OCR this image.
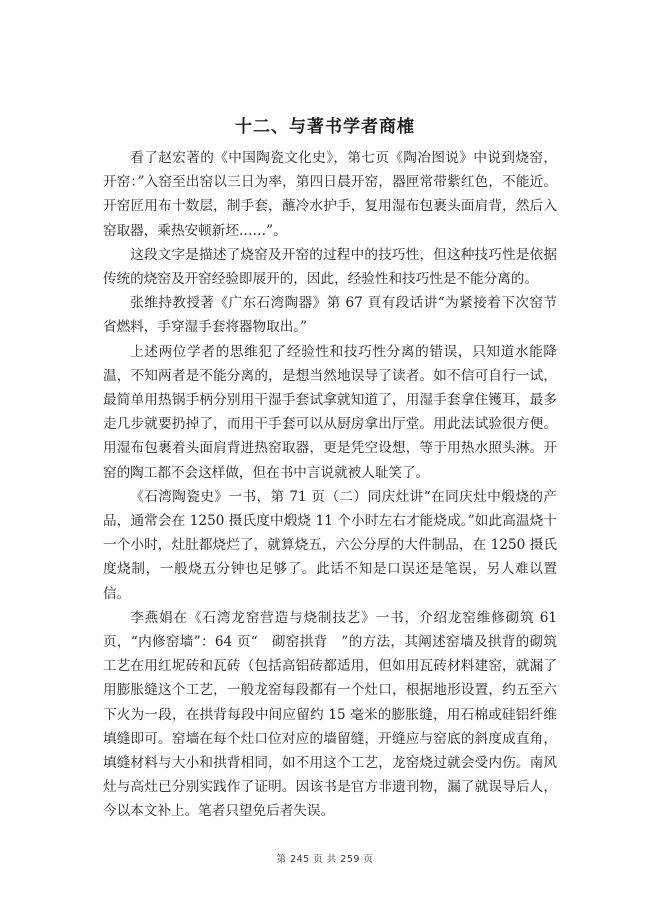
十二、与著书学者商榷

看了赵宏著的《中国陶瓷文化史》，第七页《陶冶图说》中说到烧窑，开窑：”入窑至出窑以三日为率，第四日晨开窑，器匣常带紫红色，不能近。开窑匠用布十数层，制手套，蘸冷水护手，复用湿布包裹头面肩背，然后入窑取器，乘热安顿新坯……”。

这段文字是描述了烧窑及开窑的过程中的技巧性，但这种技巧性是依据传统的烧窑及开窑经验即展开的，因此，经验性和技巧性是不能分离的。

张维持教授著《广东石湾陶器》第 67 頁有段话讲“为紧接着下次窑节省燃料，手穿湿手套将器物取出。”

上述两位学者的思维犯了经验性和技巧性分离的错误，只知道水能降温，不知两者是不能分离的，是想当然地误导了读者。如不信可自行一试，最简单用热锅手柄分别用干湿手套试拿就知道了，用湿手套拿住镬耳，最多走几步就要扔掉了，而用干手套可以从厨房拿出厅堂。用此法试验很方便。用湿布包裹着头面肩背进热窑取器，更是凭空设想，等于用热水照头淋。开窑的陶工都不会这样做，但在书中言说就被人耻笑了。

《石湾陶瓷史》一书，第 71 页（二）同庆灶讲“在同庆灶中煅烧的产品，通常会在 1250 摄氏度中煅烧 11 个小时左右才能烧成。”如此高温烧十一个小时，灶肚都烧烂了，就算烧五，六公分厚的大件制品，在 1250 摄氏度烧制，一般烧五分钟也足够了。此话不知是口误还是笔误，另人难以置信。

李燕娟在《石湾龙窑营造与烧制技艺》一书，介绍龙窑维修砌筑 61 页，“内修窑墙”：64 页“　砌窑拱背　”的方法，其阐述窑墙及拱背的砌筑工艺在用红坭砖和瓦砖（包括高铝砖都适用，但如用瓦砖材料建窑，就漏了用膨胀缝这个工艺，一般龙窑每段都有一个灶口，根据地形设置，约五至六下火为一段，在拱背每段中间应留约 15 毫米的膨胀缝，用石棉或硅铝纤维填缝即可。窑墙在每个灶口位对应的墙留缝，开缝应与窑底的斜度成直角，填缝材料与大小和拱背相同，如不用这个工艺，龙窑烧过就会受内伤。南风灶与高灶已分别实践作了证明。因该书是官方非遗刊物，漏了就误导后人，今以本文补上。笔者只望免后者失误。

第 245 页 共 259 页
